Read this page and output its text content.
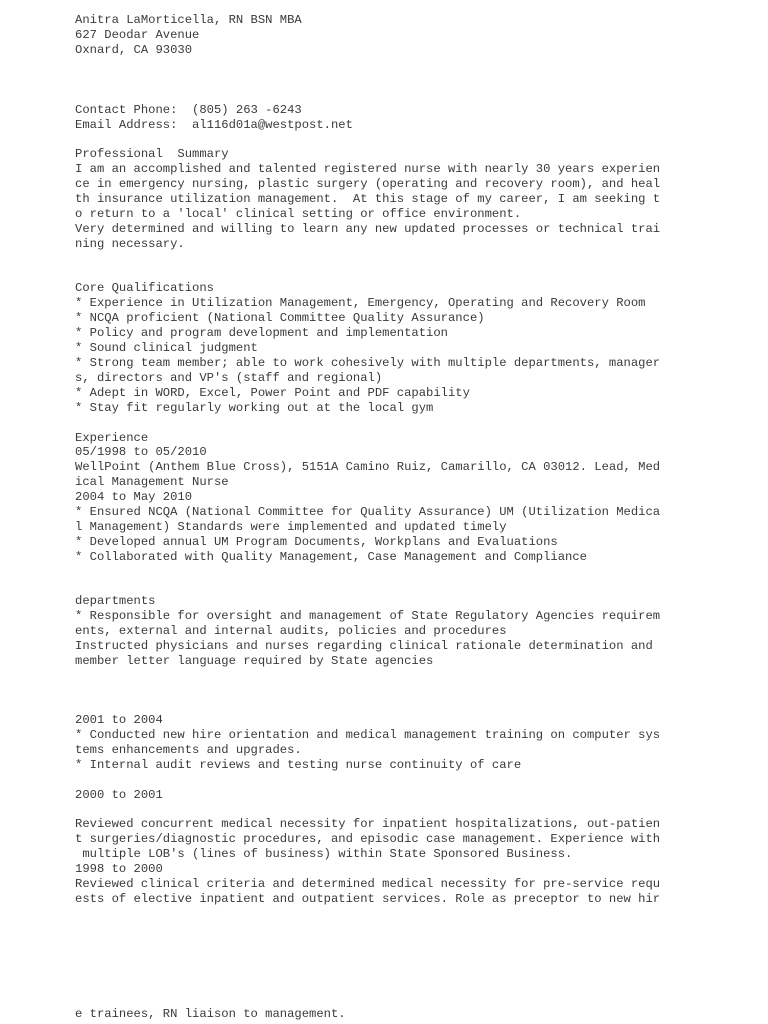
Anitra LaMorticella, RN BSN MBA

627 Deodar Avenue

Oxnard, CA 93030

Contact Phone:  (805) 263 -6243

Email Address:  al116d01a@westpost.net

Professional  Summary

I am an accomplished and talented registered nurse with nearly 30 years experien

ce in emergency nursing, plastic surgery (operating and recovery room), and heal

th insurance utilization management.  At this stage of my career, I am seeking t

o return to a 'local' clinical setting or office environment.

Very determined and willing to learn any new updated processes or technical trai

ning necessary.

Core Qualifications

* Experience in Utilization Management, Emergency, Operating and Recovery Room

* NCQA proficient (National Committee Quality Assurance)

* Policy and program development and implementation

* Sound clinical judgment

* Strong team member; able to work cohesively with multiple departments, manager

s, directors and VP's (staff and regional)

* Adept in WORD, Excel, Power Point and PDF capability

* Stay fit regularly working out at the local gym

Experience

05/1998 to 05/2010

WellPoint (Anthem Blue Cross), 5151A Camino Ruiz, Camarillo, CA 03012. Lead, Med

ical Management Nurse

2004 to May 2010

* Ensured NCQA (National Committee for Quality Assurance) UM (Utilization Medica

l Management) Standards were implemented and updated timely

* Developed annual UM Program Documents, Workplans and Evaluations

* Collaborated with Quality Management, Case Management and Compliance

departments

* Responsible for oversight and management of State Regulatory Agencies requirem

ents, external and internal audits, policies and procedures

Instructed physicians and nurses regarding clinical rationale determination and

member letter language required by State agencies

2001 to 2004

* Conducted new hire orientation and medical management training on computer sys

tems enhancements and upgrades.

* Internal audit reviews and testing nurse continuity of care

2000 to 2001

Reviewed concurrent medical necessity for inpatient hospitalizations, out-patien

t surgeries/diagnostic procedures, and episodic case management. Experience with

multiple LOB's (lines of business) within State Sponsored Business.

1998 to 2000

Reviewed clinical criteria and determined medical necessity for pre-service requ

ests of elective inpatient and outpatient services. Role as preceptor to new hir

e trainees, RN liaison to management.
